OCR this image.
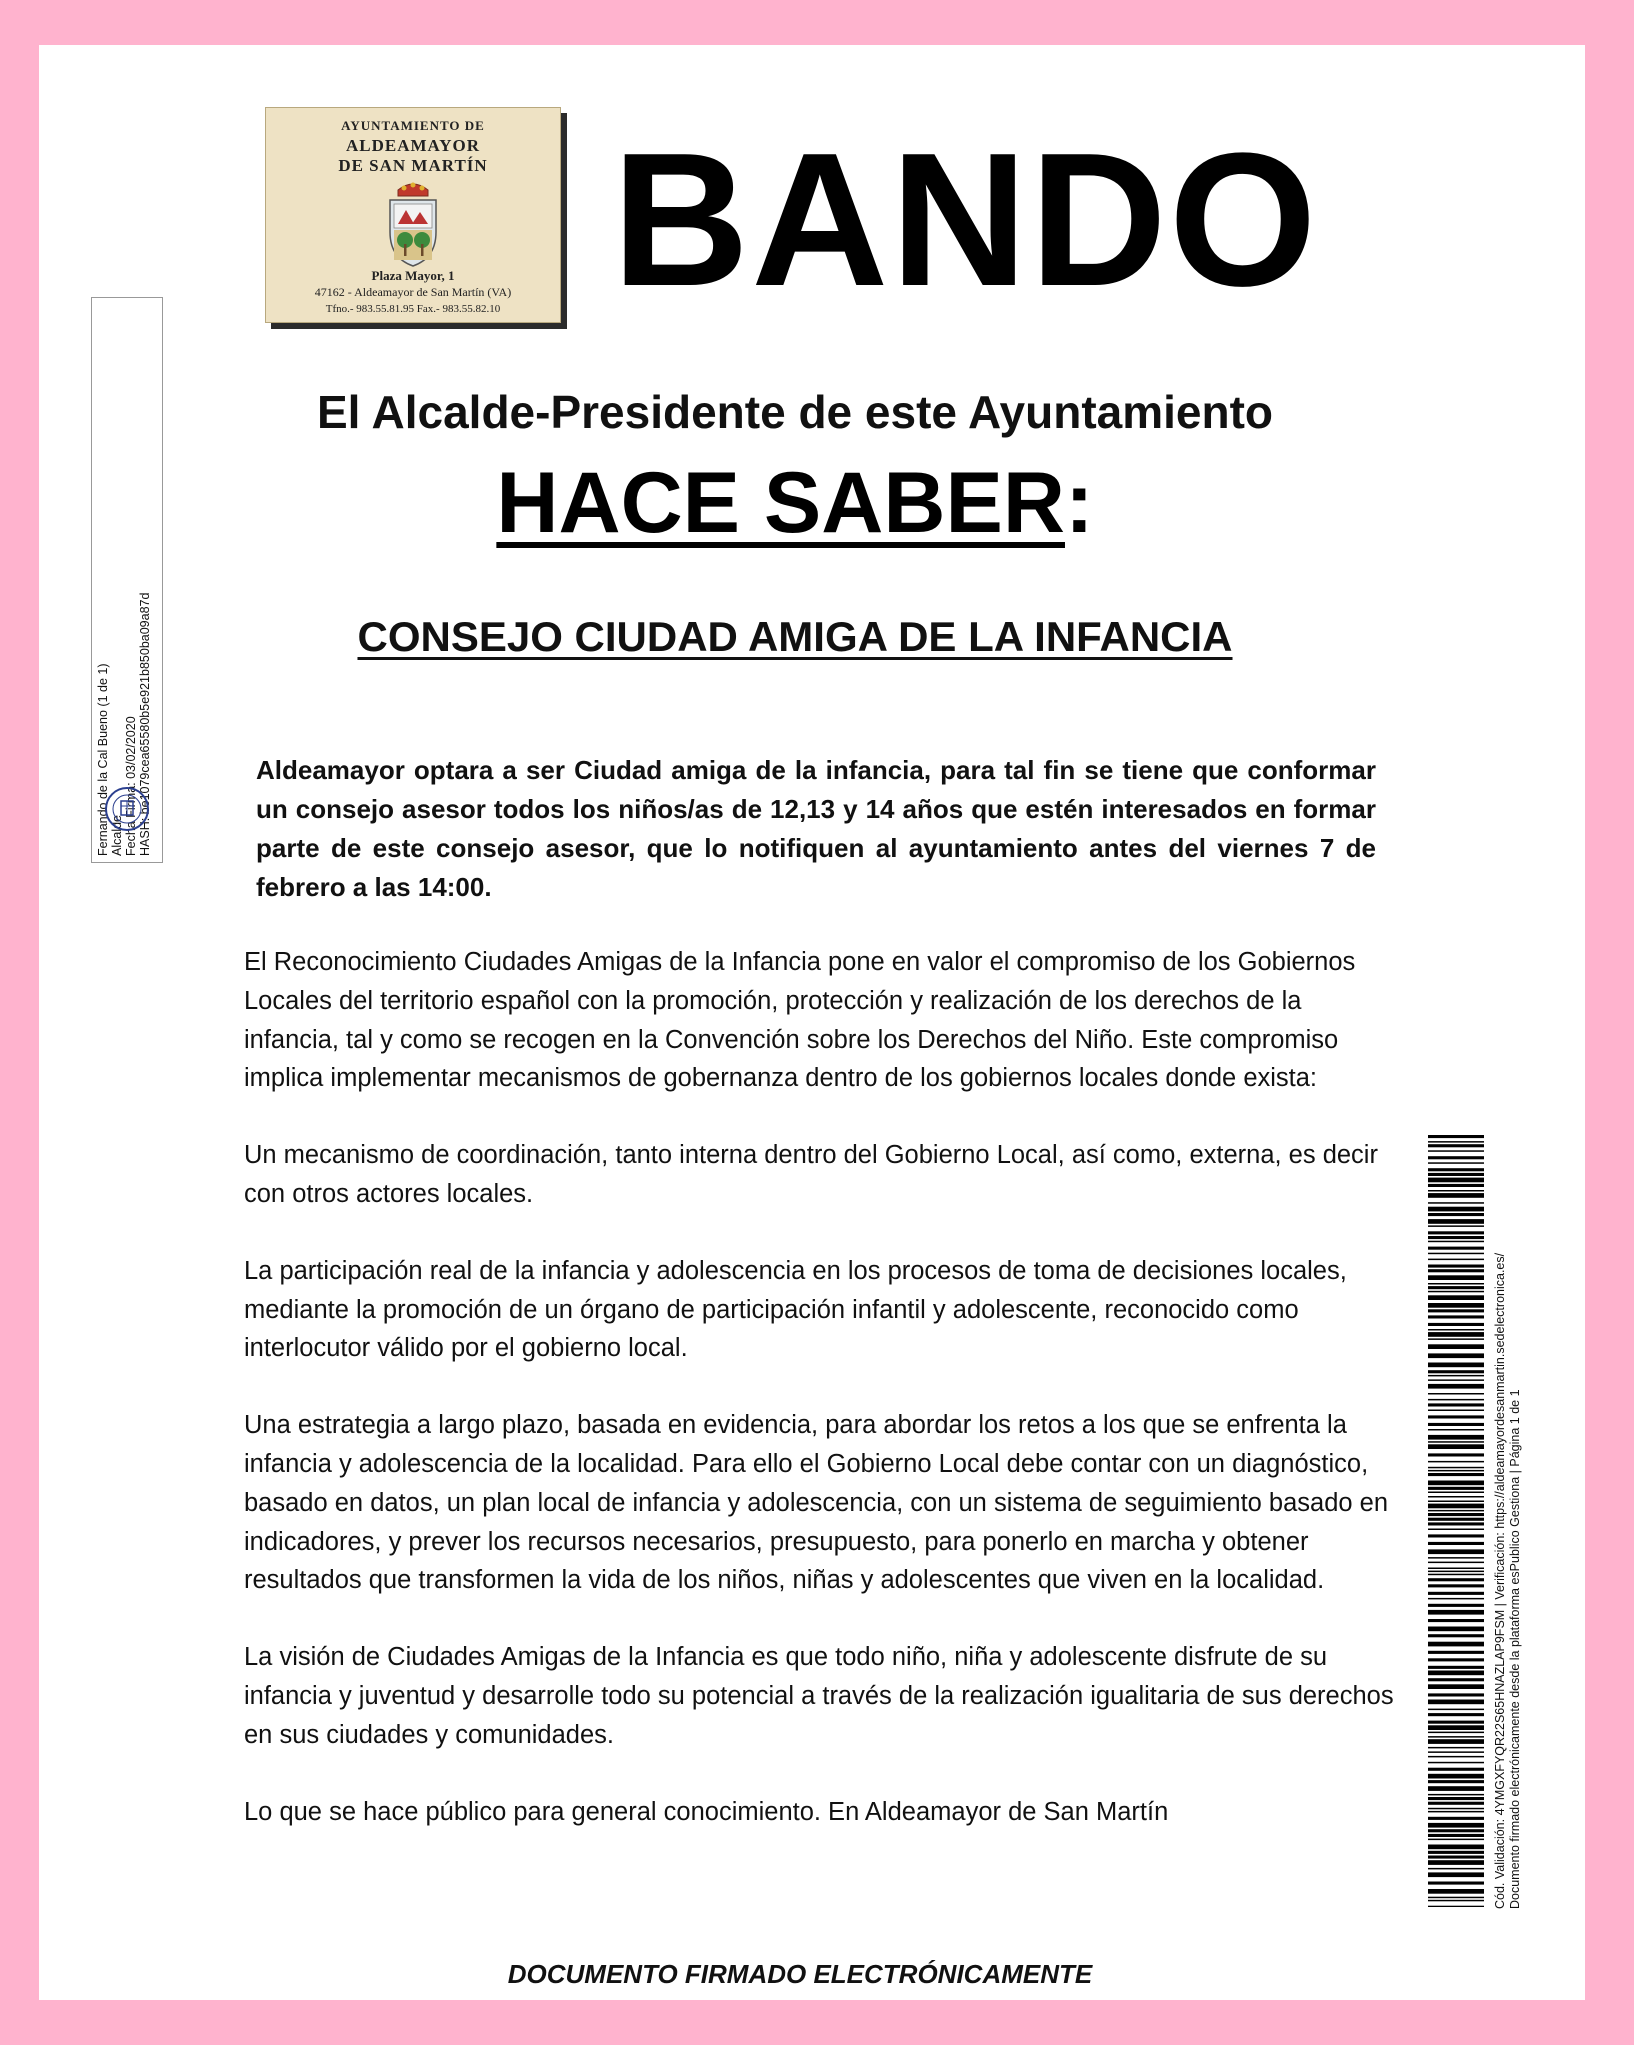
AYUNTAMIENTO DE
ALDEAMAYOR
DE SAN MARTÍN
Plaza Mayor, 1
47162 - Aldeamayor de San Martín (VA)
Tfno.- 983.55.81.95 Fax.- 983.55.82.10 BANDO
El Alcalde-Presidente de este Ayuntamiento
HACE SABER:
CONSEJO CIUDAD AMIGA DE LA INFANCIA
Aldeamayor optara a ser Ciudad amiga de la infancia, para tal fin se tiene que conformar un consejo asesor todos los niños/as de 12,13 y 14 años que estén interesados en formar parte de este consejo asesor, que lo notifiquen al ayuntamiento antes del viernes 7 de febrero a las 14:00.

El Reconocimiento Ciudades Amigas de la Infancia pone en valor el compromiso de los Gobiernos Locales del territorio español con la promoción, protección y realización de los derechos de la infancia, tal y como se recogen en la Convención sobre los Derechos del Niño. Este compromiso implica implementar mecanismos de gobernanza dentro de los gobiernos locales donde exista:

Un mecanismo de coordinación, tanto interna dentro del Gobierno Local, así como, externa, es decir con otros actores locales.

La participación real de la infancia y adolescencia en los procesos de toma de decisiones locales, mediante la promoción de un órgano de participación infantil y adolescente, reconocido como interlocutor válido por el gobierno local.

Una estrategia a largo plazo, basada en evidencia, para abordar los retos a los que se enfrenta la infancia y adolescencia de la localidad. Para ello el Gobierno Local debe contar con un diagnóstico, basado en datos, un plan local de infancia y adolescencia, con un sistema de seguimiento basado en indicadores, y prever los recursos necesarios, presupuesto, para ponerlo en marcha y obtener resultados que transformen la vida de los niños, niñas y adolescentes que viven en la localidad.

La visión de Ciudades Amigas de la Infancia es que todo niño, niña y adolescente disfrute de su infancia y juventud y desarrolle todo su potencial a través de la realización igualitaria de sus derechos en sus ciudades y comunidades.

Lo que se hace público para general conocimiento. En Aldeamayor de San Martín

DOCUMENTO FIRMADO ELECTRÓNICAMENTE
Fernando de la Cal Bueno (1 de 1) Alcalde Fecha Firma: 03/02/2020 HASH: be1079cea65580b5e921b850ba09a87d
Cód. Validación: 4YMGXFYQR22S65HNAZLAP9FSM | Verificación: https://aldeamayordesanmartin.sedelectronica.es/ Documento firmado electrónicamente desde la plataforma esPublico Gestiona | Página 1 de 1
